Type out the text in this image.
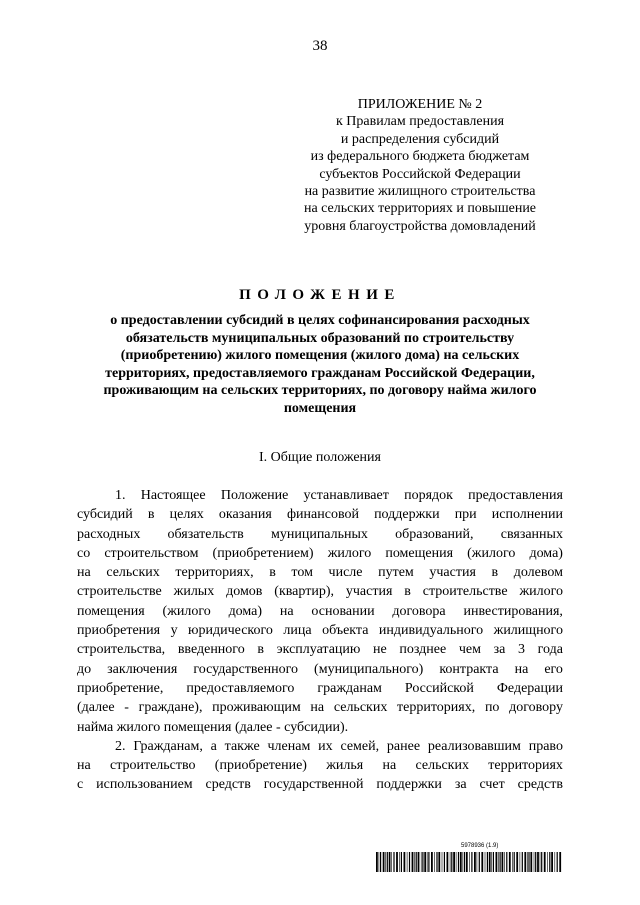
38
ПРИЛОЖЕНИЕ № 2
к Правилам предоставления
и распределения субсидий
из федерального бюджета бюджетам
субъектов Российской Федерации
на развитие жилищного строительства
на сельских территориях и повышение
уровня благоустройства домовладений
ПОЛОЖЕНИЕ
о предоставлении субсидий в целях софинансирования расходных
обязательств муниципальных образований по строительству
(приобретению) жилого помещения (жилого дома) на сельских
территориях, предоставляемого гражданам Российской Федерации,
проживающим на сельских территориях, по договору найма жилого
помещения
I. Общие положения
1. Настоящее Положение устанавливает порядок предоставления
субсидий в целях оказания финансовой поддержки при исполнении
расходных обязательств муниципальных образований, связанных
со строительством (приобретением) жилого помещения (жилого дома)
на сельских территориях, в том числе путем участия в долевом
строительстве жилых домов (квартир), участия в строительстве жилого
помещения (жилого дома) на основании договора инвестирования,
приобретения у юридического лица объекта индивидуального жилищного
строительства, введенного в эксплуатацию не позднее чем за 3 года
до заключения государственного (муниципального) контракта на его
приобретение, предоставляемого гражданам Российской Федерации
(далее - граждане), проживающим на сельских территориях, по договору
найма жилого помещения (далее - субсидии).
2. Гражданам, а также членам их семей, ранее реализовавшим право
на строительство (приобретение) жилья на сельских территориях
с использованием средств государственной поддержки за счет средств
5978936 (1.9)
